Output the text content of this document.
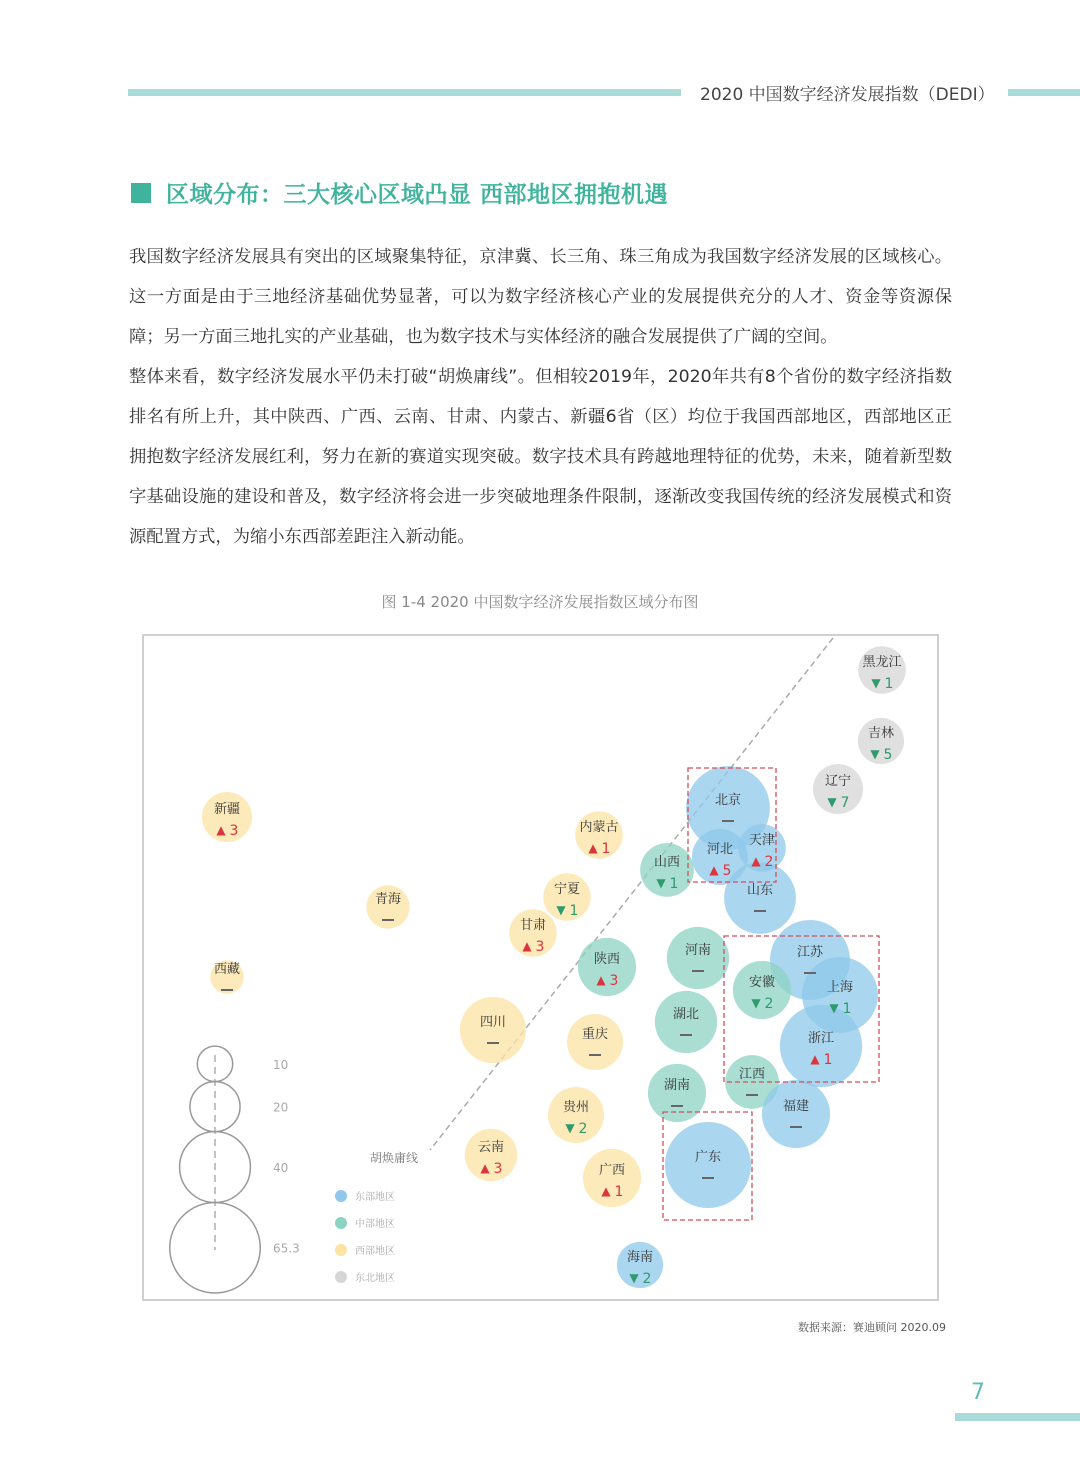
2020 中国数字经济发展指数（DEDI）
区域分布：三大核心区域凸显 西部地区拥抱机遇

我国数字经济发展具有突出的区域聚集特征，京津冀、长三角、珠三角成为我国数字经济发展的区域核心。这一方面是由于三地经济基础优势显著，可以为数字经济核心产业的发展提供充分的人才、资金等资源保障；另一方面三地扎实的产业基础，也为数字技术与实体经济的融合发展提供了广阔的空间。

整体来看，数字经济发展水平仍未打破“胡焕庸线”。但相较2019年，2020年共有8个省份的数字经济指数排名有所上升，其中陕西、广西、云南、甘肃、内蒙古、新疆6省（区）均位于我国西部地区，西部地区正拥抱数字经济发展红利，努力在新的赛道实现突破。数字技术具有跨越地理特征的优势，未来，随着新型数字基础设施的建设和普及，数字经济将会进一步突破地理条件限制，逐渐改变我国传统的经济发展模式和资源配置方式，为缩小东西部差距注入新动能。

图 1-4 2020 中国数字经济发展指数区域分布图
胡焕庸线
黑龙江
▼ 1
吉林
▼ 5
辽宁
▼ 7
新疆
▲ 3	内蒙古
▲ 1
北京
河北
▲ 5
天津
▲ 2
山东
山西
▼ 1
宁夏
▼ 1
青海
甘肃
▲ 3
西藏
陕西
▲ 3
河南	江苏
安徽
▼ 2
上海
▼ 1
四川
重庆
湖北
浙江
▲ 1
江西
湖南
福建
贵州
▼ 2
云南
▲ 3	广西
▲ 1
广东
海南
▼ 2
65.3
40
20
10
东部地区
中部地区
西部地区
东北地区
数据来源：赛迪顾问 2020.09
7
